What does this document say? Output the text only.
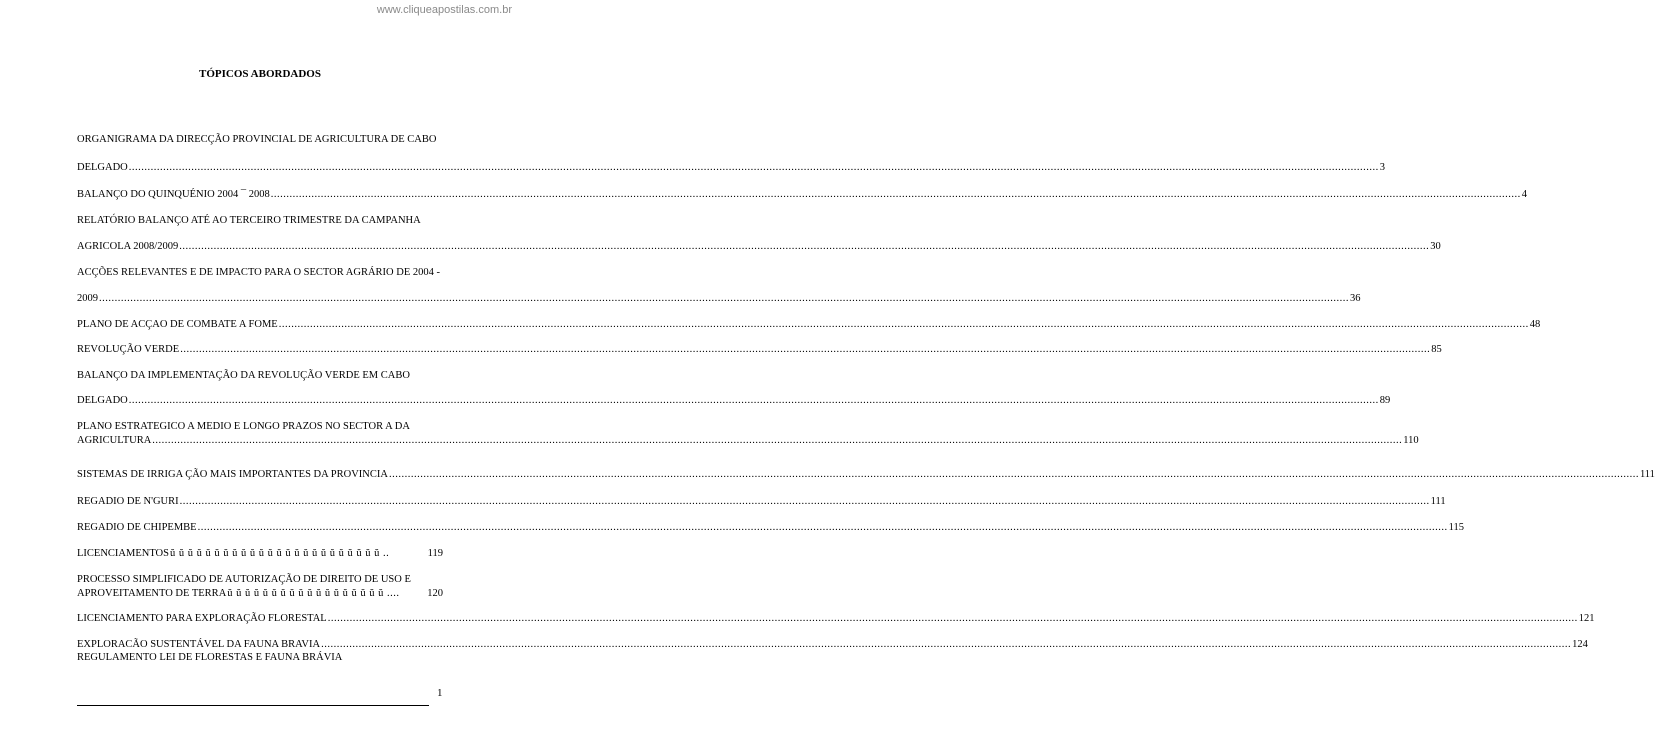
www.cliqueapostilas.com.br
TÓPICOS ABORDADOS
ORGANIGRAMA DA DIRECÇÃO PROVINCIAL DE AGRICULTURA DE CABO
DELGADO ................................................................................................................................................................................................................................................................................................................................................................................................................ 3
BALANÇO DO QUINQUÉNIO 2004 ¯ 2008 ................................................................................................................................................................................................................................................................................................................................................................................................................ 4
RELATÓRIO BALANÇO ATÉ AO TERCEIRO TRIMESTRE DA CAMPANHA
AGRICOLA 2008/2009 ................................................................................................................................................................................................................................................................................................................................................................................................................ 30
ACÇÕES RELEVANTES E DE IMPACTO PARA O SECTOR AGRÁRIO DE 2004 -
2009 ................................................................................................................................................................................................................................................................................................................................................................................................................ 36
PLANO DE ACÇAO DE COMBATE A FOME ................................................................................................................................................................................................................................................................................................................................................................................................................ 48
REVOLUÇÃO VERDE ................................................................................................................................................................................................................................................................................................................................................................................................................ 85
BALANÇO DA IMPLEMENTAÇÃO DA REVOLUÇÃO VERDE EM CABO
DELGADO ................................................................................................................................................................................................................................................................................................................................................................................................................ 89
PLANO ESTRATEGICO A MEDIO E LONGO PRAZOS NO SECTOR A DA
AGRICULTURA ................................................................................................................................................................................................................................................................................................................................................................................................................ 110
SISTEMAS DE IRRIGA ÇÃO MAIS IMPORTANTES DA PROVINCIA ................................................................................................................................................................................................................................................................................................................................................................................................................ 111
REGADIO DE N'GURI ................................................................................................................................................................................................................................................................................................................................................................................................................ 111
REGADIO DE CHIPEMBE ................................................................................................................................................................................................................................................................................................................................................................................................................ 115
LICENCIAMENTOS ŭ ŭ ŭ ŭ ŭ ŭ ŭ ŭ ŭ ŭ ŭ ŭ ŭ ŭ ŭ ŭ ŭ ŭ ŭ ŭ ŭ ŭ ŭ ŭ ..	119
PROCESSO SIMPLIFICADO DE AUTORIZAÇÃO DE DIREITO DE USO E
APROVEITAMENTO DE TERRA ŭ ŭ ŭ ŭ ŭ ŭ ŭ ŭ ŭ ŭ ŭ ŭ ŭ ŭ ŭ ŭ ŭ ŭ ....	120
LICENCIAMENTO PARA EXPLORAÇÃO FLORESTAL ................................................................................................................................................................................................................................................................................................................................................................................................................ 121
EXPLORACÃO SUSTENTÁVEL DA FAUNA BRAVIA ................................................................................................................................................................................................................................................................................................................................................................................................................ 124
REGULAMENTO LEI DE FLORESTAS E FAUNA BRÁVIA
1
